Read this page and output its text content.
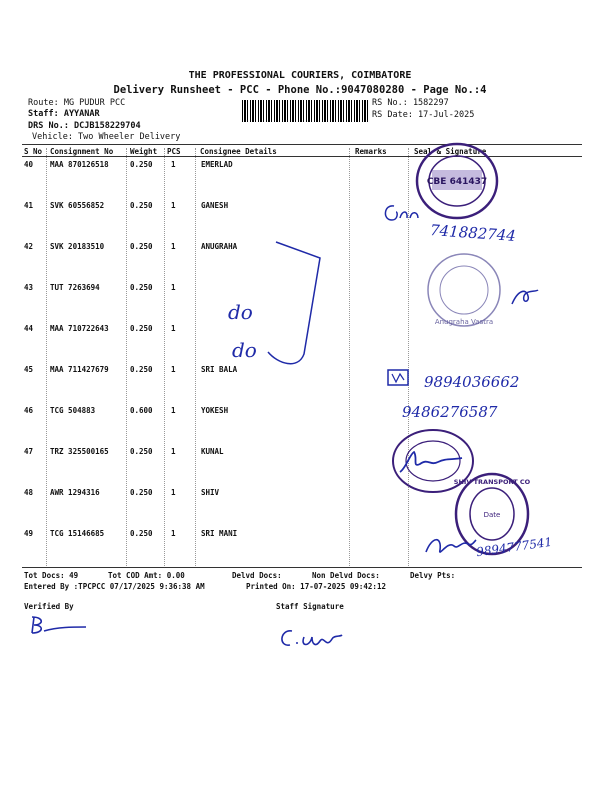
THE PROFESSIONAL COURIERS, COIMBATORE
Delivery Runsheet - PCC - Phone No.:9047080280 - Page No.:4
Route: MG PUDUR PCC
Staff: AYYANAR
DRS No.: DCJB158229704
Vehicle: Two Wheeler Delivery
RS No.: 1582297
RS Date: 17-Jul-2025
S No Consignment No Weight PCS	Consignee Details	Remarks	Seal & Signature
40 MAA 870126518	0.250 1	EMERLAD
41 SVK 60556852	0.250 1	GANESH
42 SVK 20183510	0.250 1	ANUGRAHA
43 TUT 7263694	0.250 1
44 MAA 710722643	0.250 1
45 MAA 711427679	0.250 1	SRI BALA
46 TCG 504883	0.600 1	YOKESH
47 TRZ 325500165	0.250 1	KUNAL
48 AWR 1294316	0.250 1	SHIV
49 TCG 15146685	0.250 1	SRI MANI
Tot Docs: 49	Tot COD Amt: 0.00	Delvd Docs:	Non Delvd Docs:	Delvy Pts:
Entered By :TPCPCC 07/17/2025 9:36:38 AM	Printed On: 17-07-2025 09:42:12
Verified By	Staff Signature
CBE 641437
Anugraha Vastra
SHIV TRANSPORT CO
Date
741882744
do
do
9894036662
9486276587
9894777541
